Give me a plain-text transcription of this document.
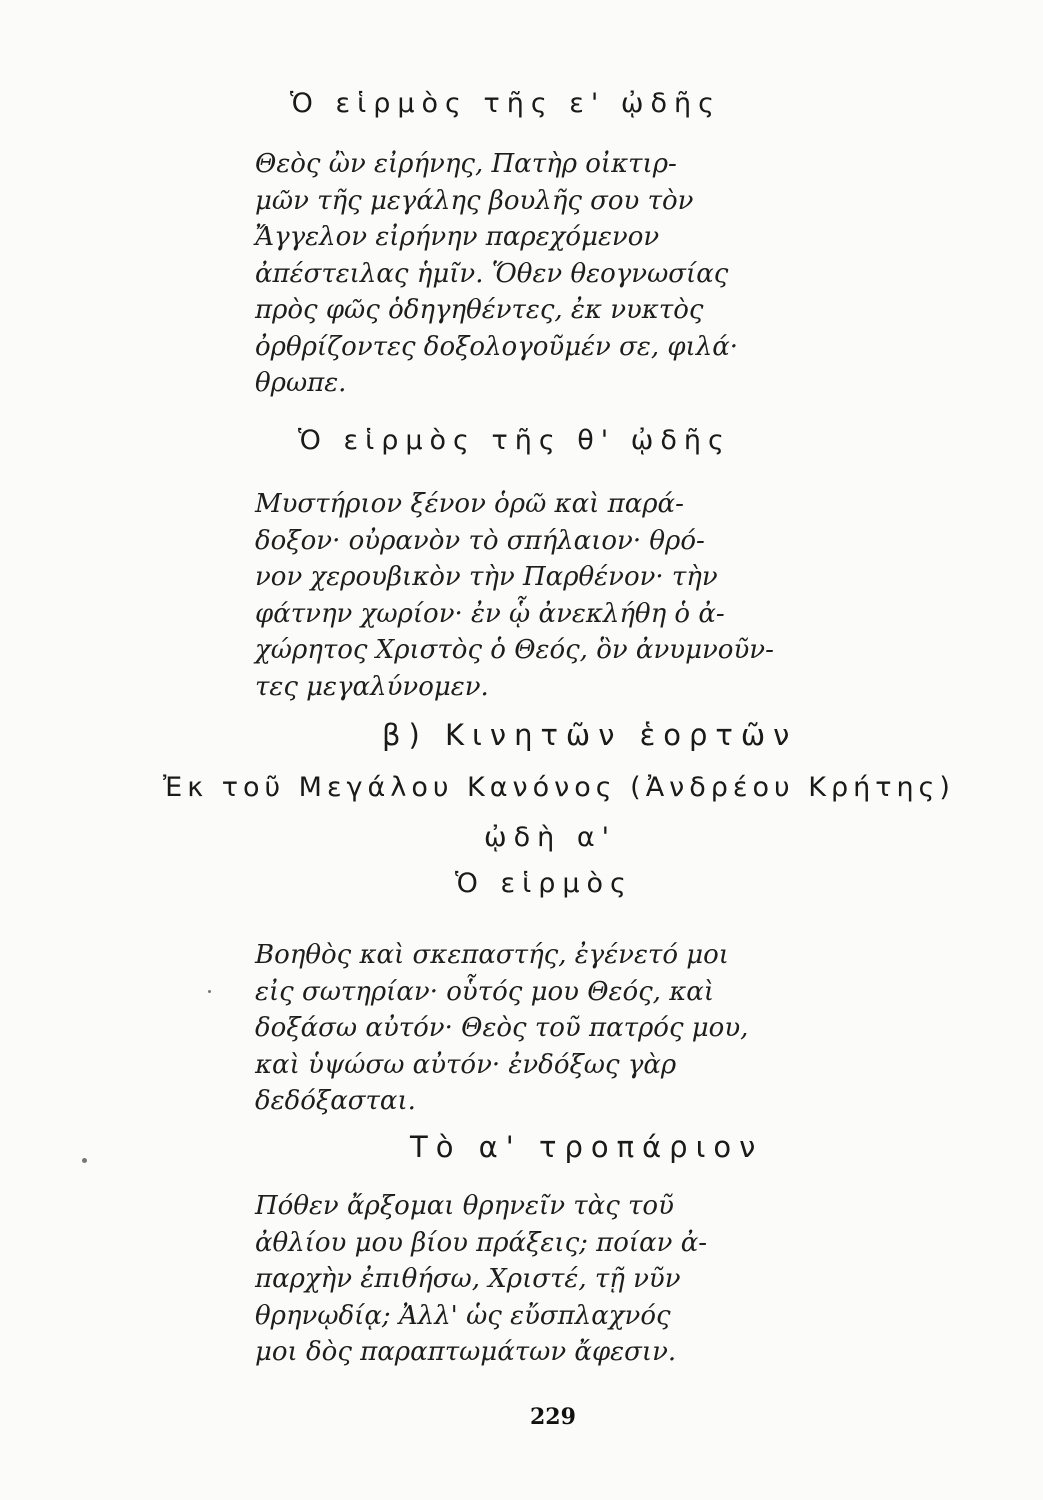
Ὁ εἱρμὸς τῆς ε' ᾠδῆς
Θεὸς ὢν εἰρήνης, Πατὴρ οἰκτιρ-
μῶν τῆς μεγάλης βουλῆς σου τὸν
Ἄγγελον εἰρήνην παρεχόμενον
ἀπέστειλας ἡμῖν. Ὅθεν θεογνωσίας
πρὸς φῶς ὁδηγηθέντες, ἐκ νυκτὸς
ὀρθρίζοντες δοξολογοῦμέν σε, φιλά·
θρωπε.
Ὁ εἱρμὸς τῆς θ' ᾠδῆς
Μυστήριον ξένον ὁρῶ καὶ παρά-
δοξον· οὐρανὸν τὸ σπήλαιον· θρό-
νον χερουβικὸν τὴν Παρθένον· τὴν
φάτνην χωρίον· ἐν ᾧ ἀνεκλήθη ὁ ἀ-
χώρητος Χριστὸς ὁ Θεός, ὃν ἀνυμνοῦν-
τες μεγαλύνομεν.
β) Κινητῶν ἑορτῶν
Ἐκ τοῦ Μεγάλου Κανόνος (Ἀνδρέου Κρήτης)
ᾠδὴ α'
Ὁ εἱρμὸς
Βοηθὸς καὶ σκεπαστής, ἐγένετό μοι
εἰς σωτηρίαν· οὗτός μου Θεός, καὶ
δοξάσω αὐτόν· Θεὸς τοῦ πατρός μου,
καὶ ὑψώσω αὐτόν· ἐνδόξως γὰρ
δεδόξασται.
Τὸ α' τροπάριον
Πόθεν ἄρξομαι θρηνεῖν τὰς τοῦ
ἀθλίου μου βίου πράξεις; ποίαν ἀ-
παρχὴν ἐπιθήσω, Χριστέ, τῇ νῦν
θρηνῳδίᾳ; Ἀλλ' ὡς εὔσπλαχνός
μοι δὸς παραπτωμάτων ἄφεσιν.
229
